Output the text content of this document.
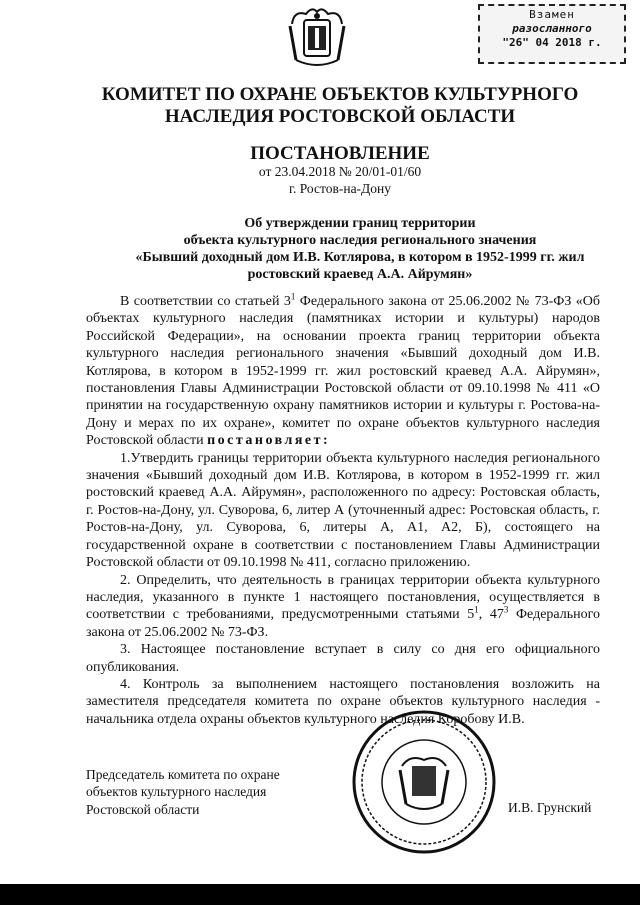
Взамен
разосланного
"26" 04 2018 г.
КОМИТЕТ ПО ОХРАНЕ ОБЪЕКТОВ КУЛЬТУРНОГО
НАСЛЕДИЯ РОСТОВСКОЙ ОБЛАСТИ
ПОСТАНОВЛЕНИЕ
от 23.04.2018 № 20/01-01/60
г. Ростов-на-Дону
Об утверждении границ территории
объекта культурного наследия регионального значения
«Бывший доходный дом И.В. Котлярова, в котором в 1952-1999 гг. жил
ростовский краевед А.А. Айрумян»

В соответствии со статьей $3^1$ Федерального закона от 25.06.2002 № 73-ФЗ «Об объектах культурного наследия (памятниках истории и культуры) народов Российской Федерации», на основании проекта границ территории объекта культурного наследия регионального значения «Бывший доходный дом И.В. Котлярова, в котором в 1952-1999 гг. жил ростовский краевед А.А. Айрумян», постановления Главы Администрации Ростовской области от 09.10.1998 № 411 «О принятии на государственную охрану памятников истории и культуры г. Ростова-на-Дону и мерах по их охране», комитет по охране объектов культурного наследия Ростовской области постановляет:

1.Утвердить границы территории объекта культурного наследия регионального значения «Бывший доходный дом И.В. Котлярова, в котором в 1952-1999 гг. жил ростовский краевед А.А. Айрумян», расположенного по адресу: Ростовская область, г. Ростов-на-Дону, ул. Суворова, 6, литер А (уточненный адрес: Ростовская область, г. Ростов-на-Дону, ул. Суворова, 6, литеры А, А1, А2, Б), состоящего на государственной охране в соответствии с постановлением Главы Администрации Ростовской области от 09.10.1998 № 411, согласно приложению.

2. Определить, что деятельность в границах территории объекта культурного наследия, указанного в пункте 1 настоящего постановления, осуществляется в соответствии с требованиями, предусмотренными статьями $5^1$, $47^3$ Федерального закона от 25.06.2002 № 73-ФЗ.

3. Настоящее постановление вступает в силу со дня его официального опубликования.

4. Контроль за выполнением настоящего постановления возложить на заместителя председателя комитета по охране объектов культурного наследия - начальника отдела охраны объектов культурного наследия Коробову И.В.

Председатель комитета по охране
объектов культурного наследия
Ростовской области	И.В. Грунский
